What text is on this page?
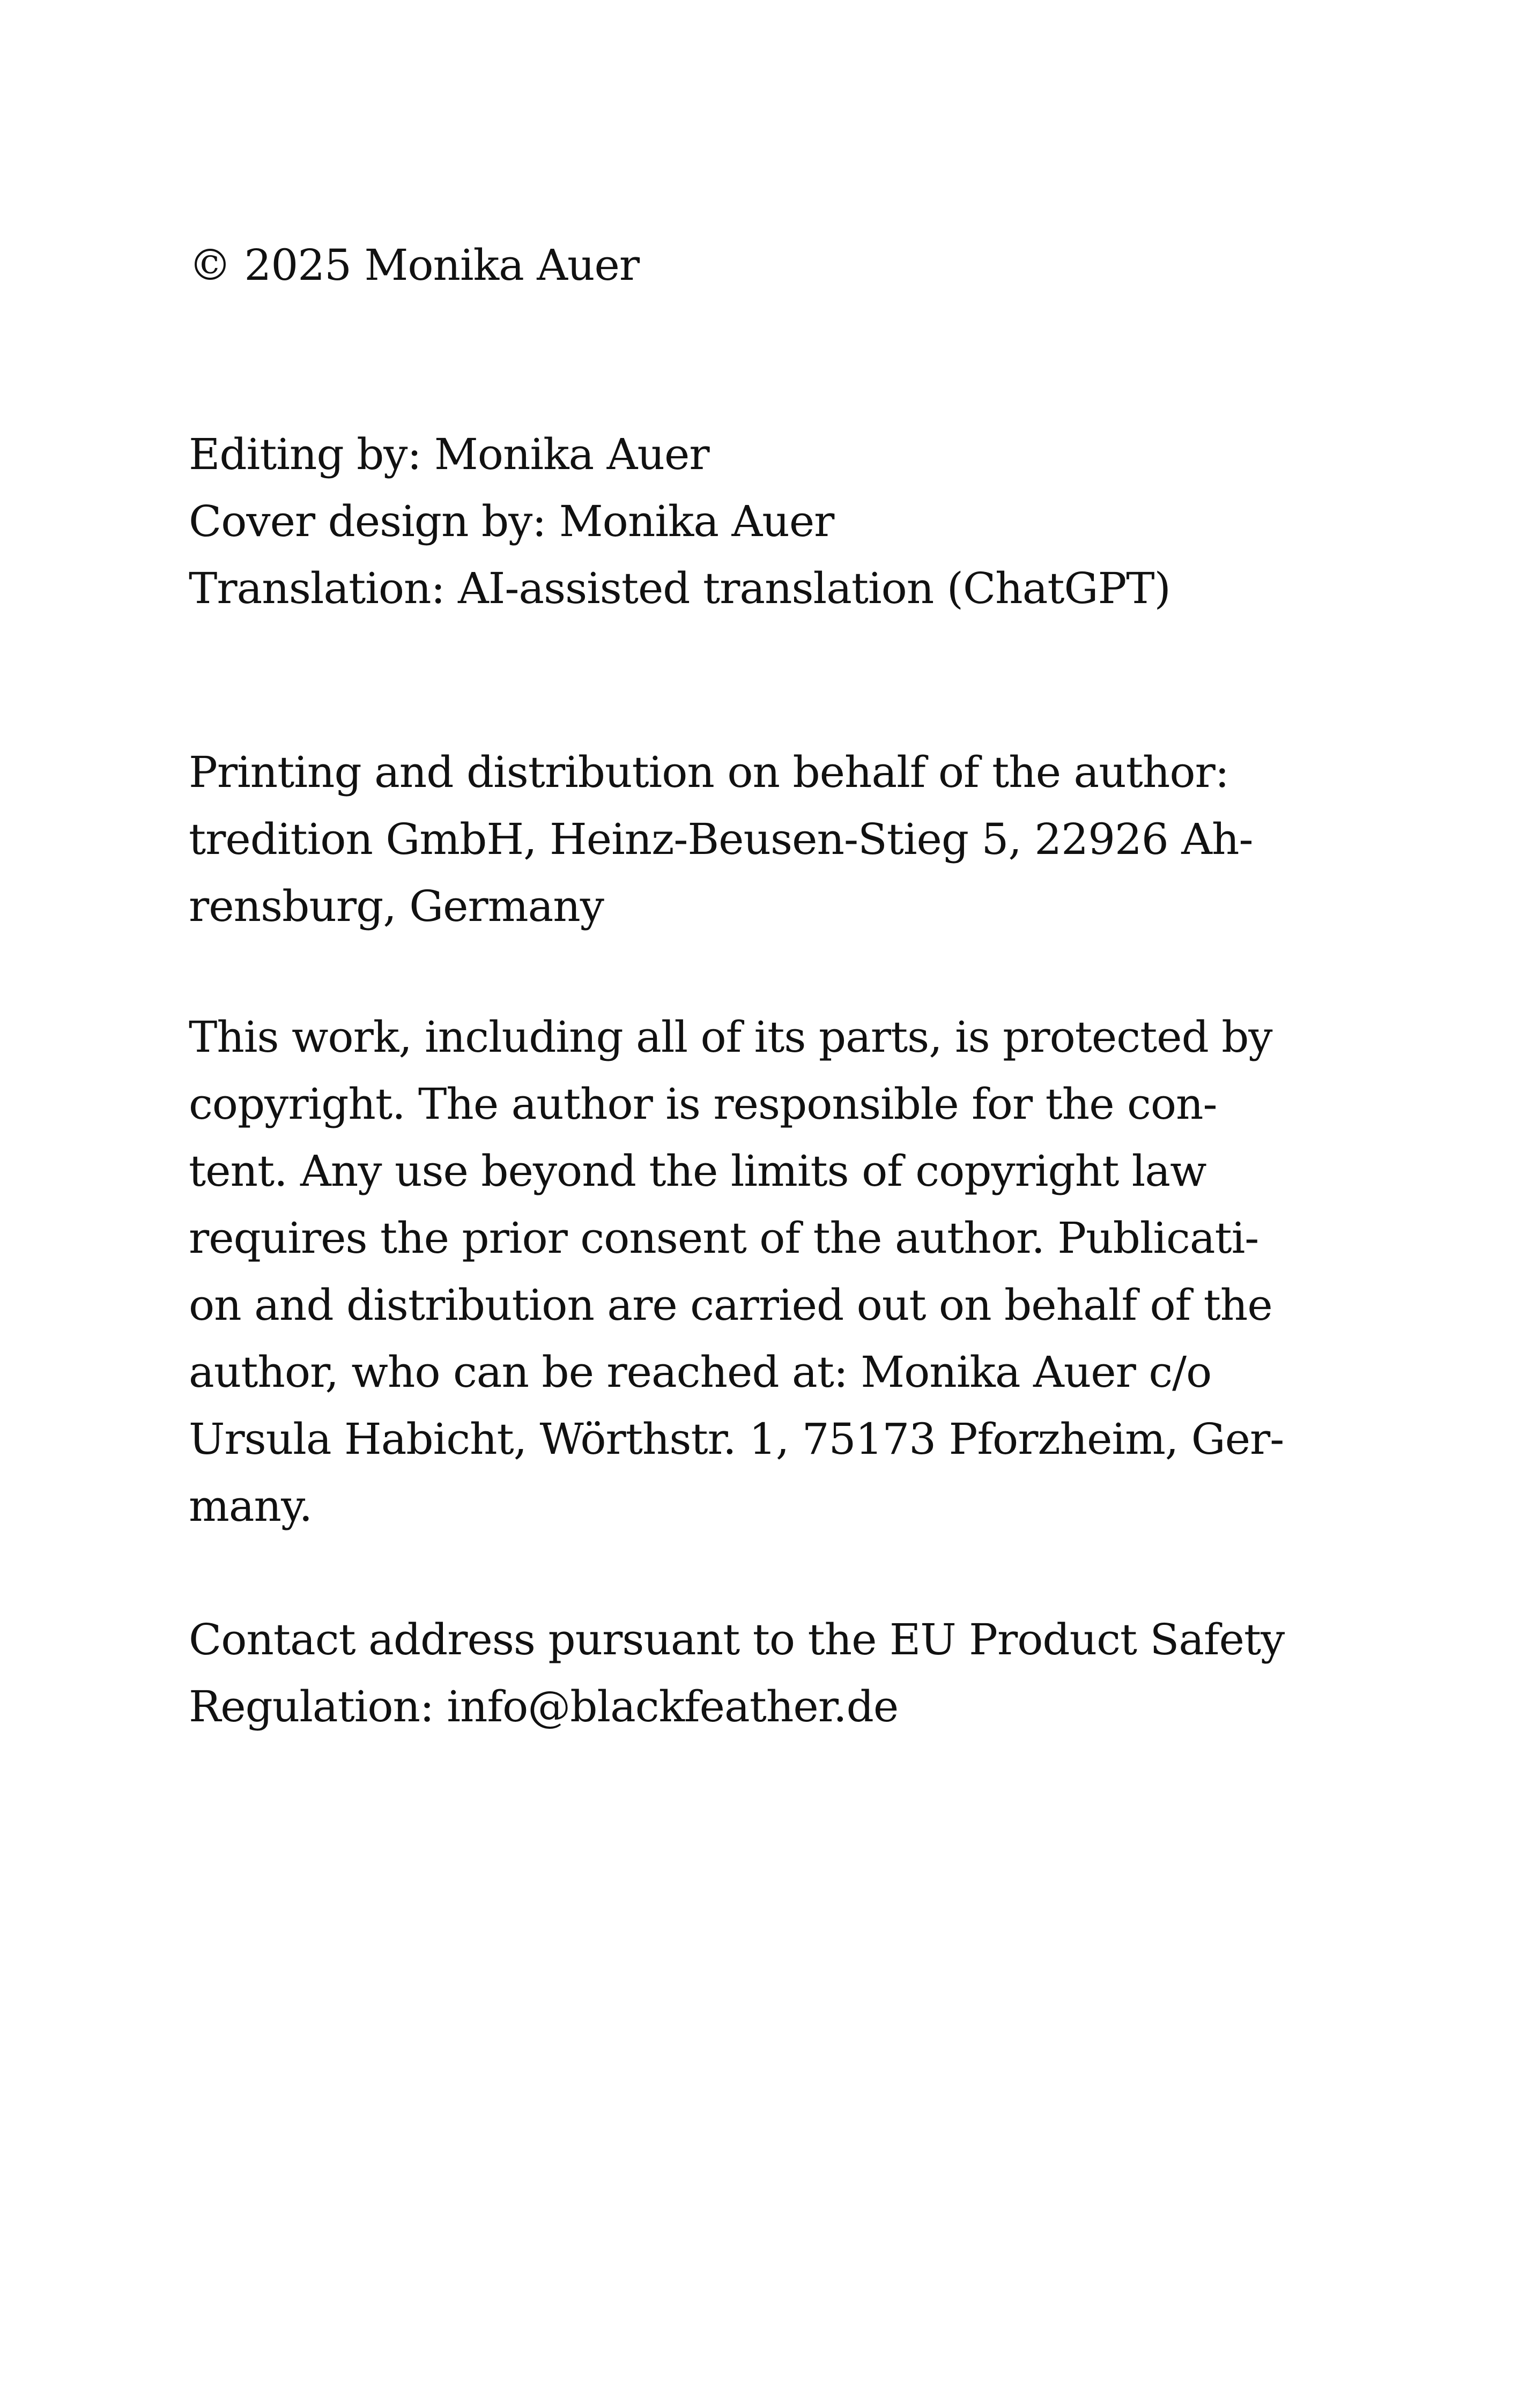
© 2025 Monika Auer

Editing by: Monika Auer
Cover design by: Monika Auer
Translation: AI-assisted translation (ChatGPT)

Printing and distribution on behalf of the author:
tredition GmbH, Heinz-Beusen-Stieg 5, 22926 Ah-
rensburg, Germany

This work, including all of its parts, is protected by
copyright. The author is responsible for the con-
tent. Any use beyond the limits of copyright law
requires the prior consent of the author. Publicati-
on and distribution are carried out on behalf of the
author, who can be reached at: Monika Auer c/o
Ursula Habicht, Wörthstr. 1, 75173 Pforzheim, Ger-
many.

Contact address pursuant to the EU Product Safety
Regulation: info@blackfeather.de
